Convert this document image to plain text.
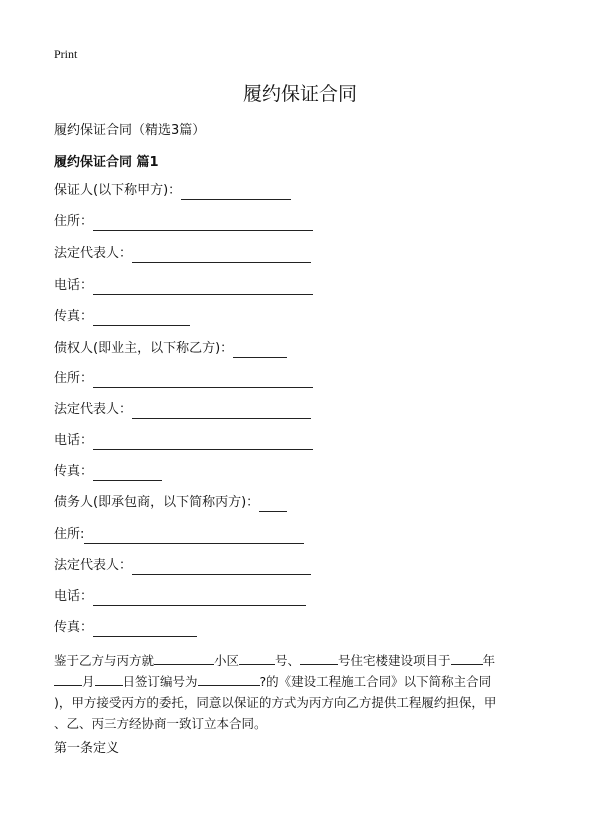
Print
履约保证合同
履约保证合同（精选3篇）
履约保证合同 篇1
保证人(以下称甲方)：
住所：
法定代表人：
电话：
传真：
债权人(即业主，以下称乙方)：
住所：
法定代表人：
电话：
传真：
债务人(即承包商，以下简称丙方)：
住所:
法定代表人：
电话：
传真：
鉴于乙方与丙方就	小区	号、	号住宅楼建设项目于	年
月 日签订编号为	?的《建设工程施工合同》以下简称主合同
)，甲方接受丙方的委托，同意以保证的方式为丙方向乙方提供工程履约担保，甲
、乙、丙三方经协商一致订立本合同。
第一条定义
